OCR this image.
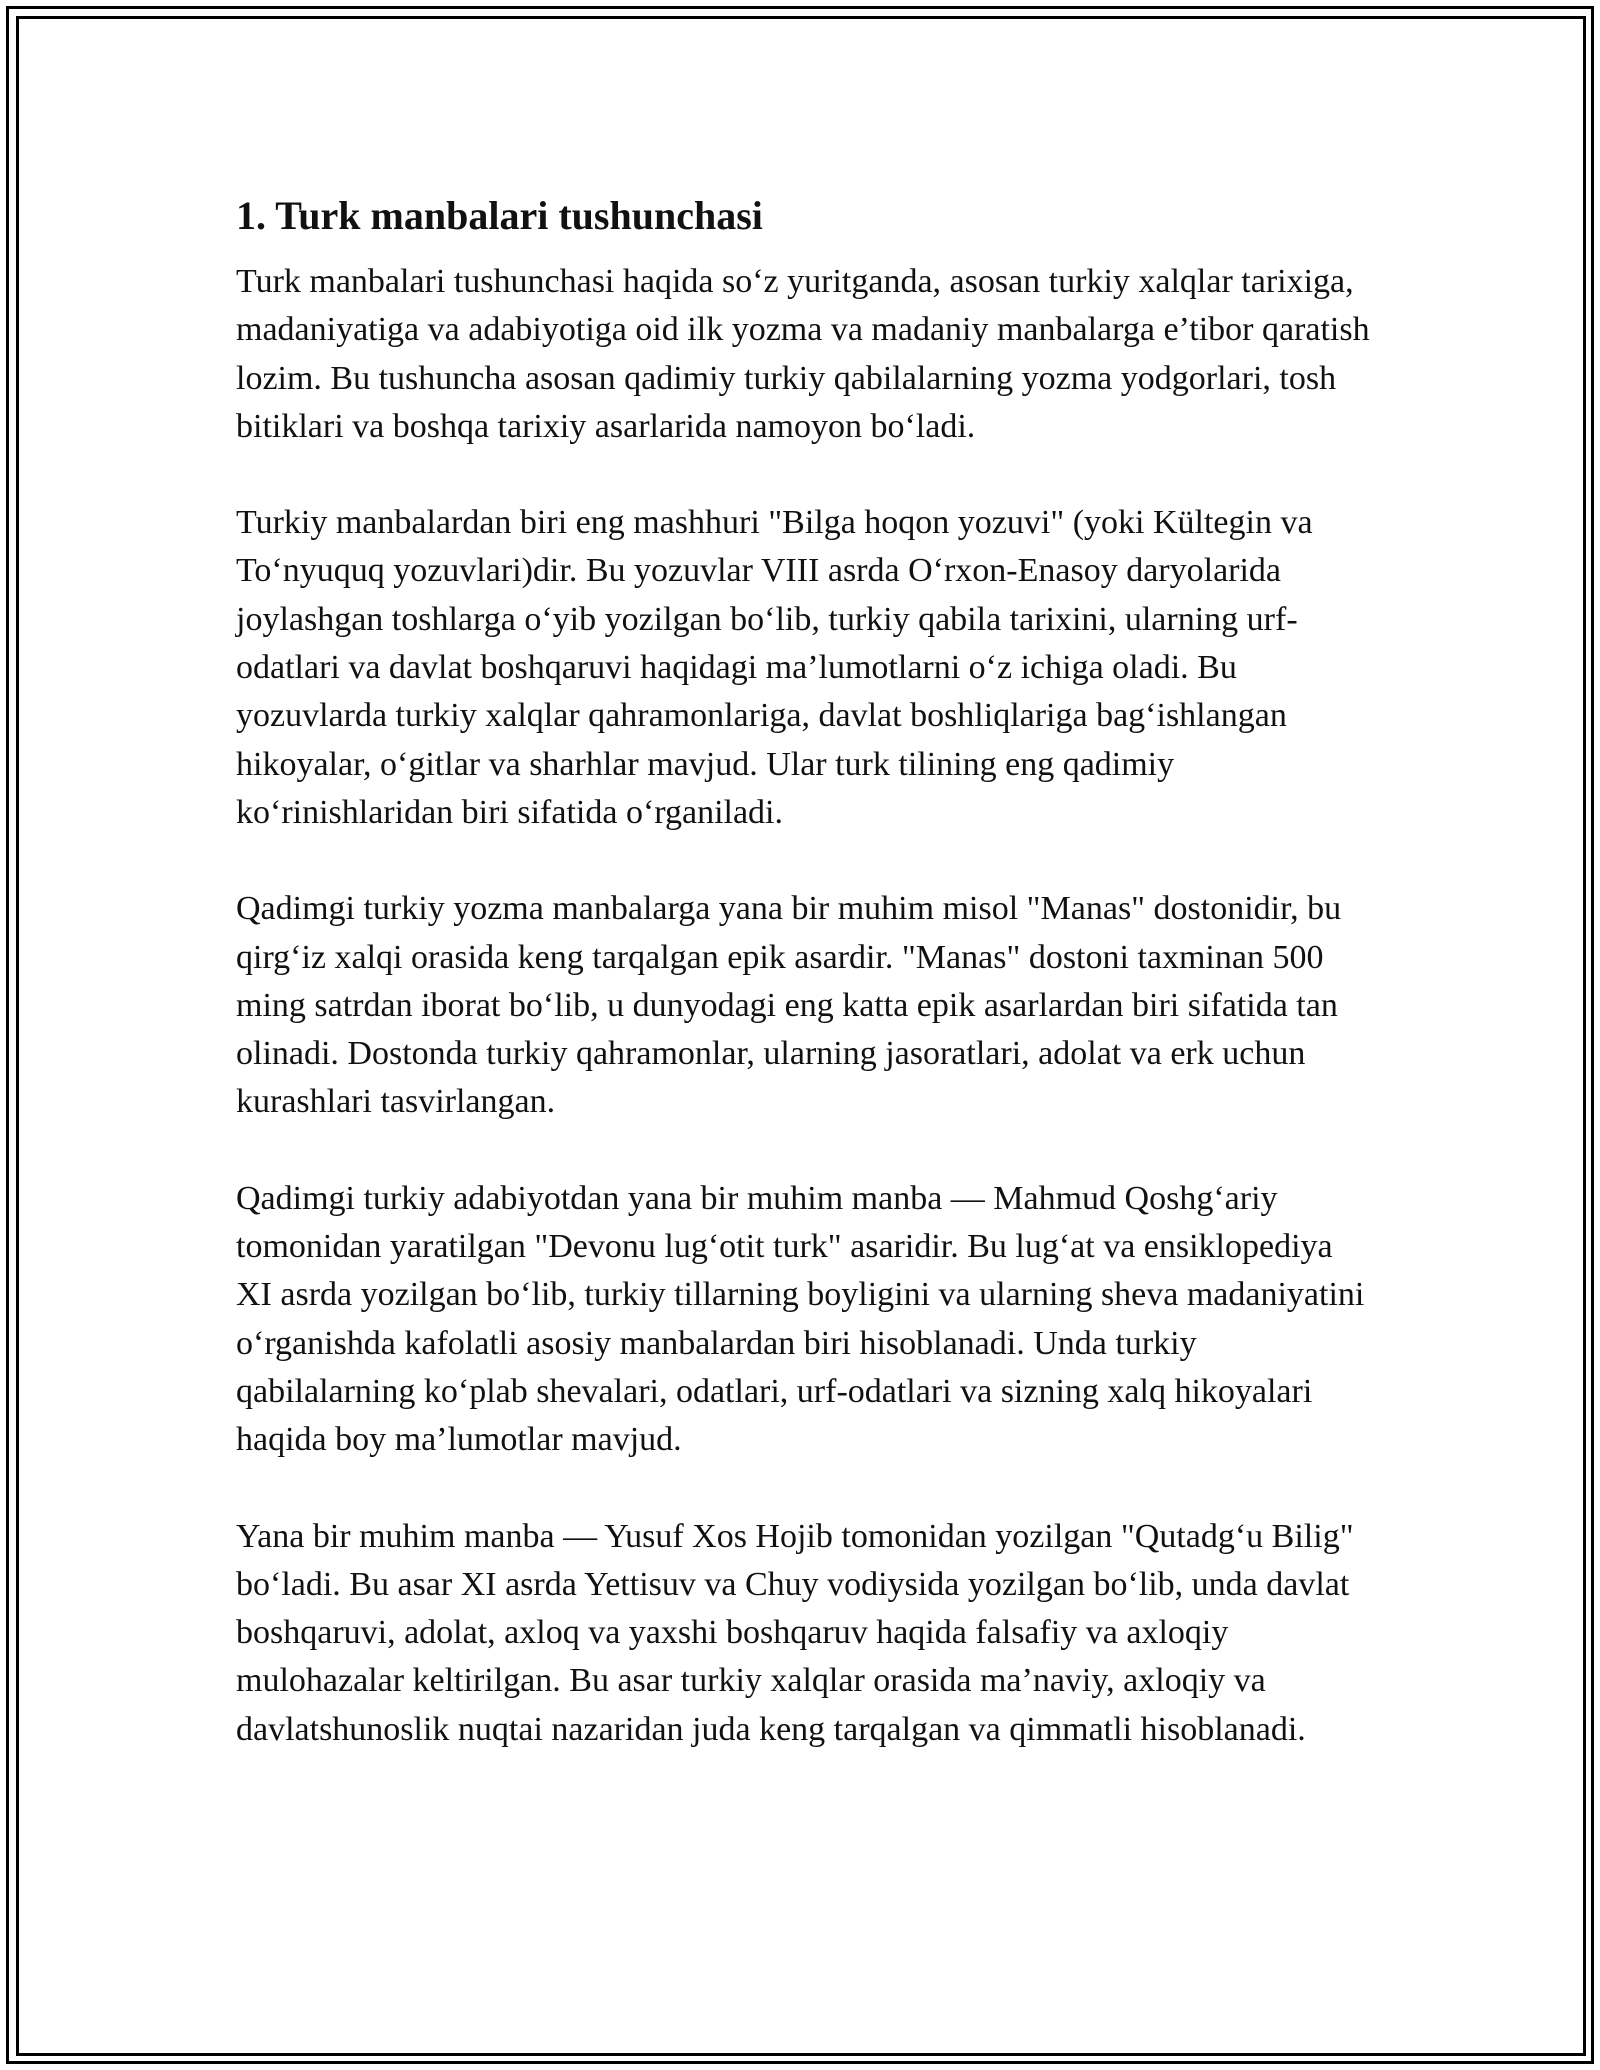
1. Turk manbalari tushunchasi

Turk manbalari tushunchasi haqida so‘z yuritganda, asosan turkiy xalqlar tarixiga, madaniyatiga va adabiyotiga oid ilk yozma va madaniy manbalarga e’tibor qaratish lozim. Bu tushuncha asosan qadimiy turkiy qabilalarning yozma yodgorlari, tosh bitiklari va boshqa tarixiy asarlarida namoyon bo‘ladi.

Turkiy manbalardan biri eng mashhuri "Bilga hoqon yozuvi" (yoki Kültegin va To‘nyuquq yozuvlari)dir. Bu yozuvlar VIII asrda O‘rxon-Enasoy daryolarida joylashgan toshlarga o‘yib yozilgan bo‘lib, turkiy qabila tarixini, ularning urf-odatlari va davlat boshqaruvi haqidagi ma’lumotlarni o‘z ichiga oladi. Bu yozuvlarda turkiy xalqlar qahramonlariga, davlat boshliqlariga bag‘ishlangan hikoyalar, o‘gitlar va sharhlar mavjud. Ular turk tilining eng qadimiy ko‘rinishlaridan biri sifatida o‘rganiladi.

Qadimgi turkiy yozma manbalarga yana bir muhim misol "Manas" dostonidir, bu qirg‘iz xalqi orasida keng tarqalgan epik asardir. "Manas" dostoni taxminan 500 ming satrdan iborat bo‘lib, u dunyodagi eng katta epik asarlardan biri sifatida tan olinadi. Dostonda turkiy qahramonlar, ularning jasoratlari, adolat va erk uchun kurashlari tasvirlangan.

Qadimgi turkiy adabiyotdan yana bir muhim manba — Mahmud Qoshg‘ariy tomonidan yaratilgan "Devonu lug‘otit turk" asaridir. Bu lug‘at va ensiklopediya XI asrda yozilgan bo‘lib, turkiy tillarning boyligini va ularning sheva madaniyatini o‘rganishda kafolatli asosiy manbalardan biri hisoblanadi. Unda turkiy qabilalarning ko‘plab shevalari, odatlari, urf-odatlari va sizning xalq hikoyalari haqida boy ma’lumotlar mavjud.

Yana bir muhim manba — Yusuf Xos Hojib tomonidan yozilgan "Qutadg‘u Bilig" bo‘ladi. Bu asar XI asrda Yettisuv va Chuy vodiysida yozilgan bo‘lib, unda davlat boshqaruvi, adolat, axloq va yaxshi boshqaruv haqida falsafiy va axloqiy mulohazalar keltirilgan. Bu asar turkiy xalqlar orasida ma’naviy, axloqiy va davlatshunoslik nuqtai nazaridan juda keng tarqalgan va qimmatli hisoblanadi.
